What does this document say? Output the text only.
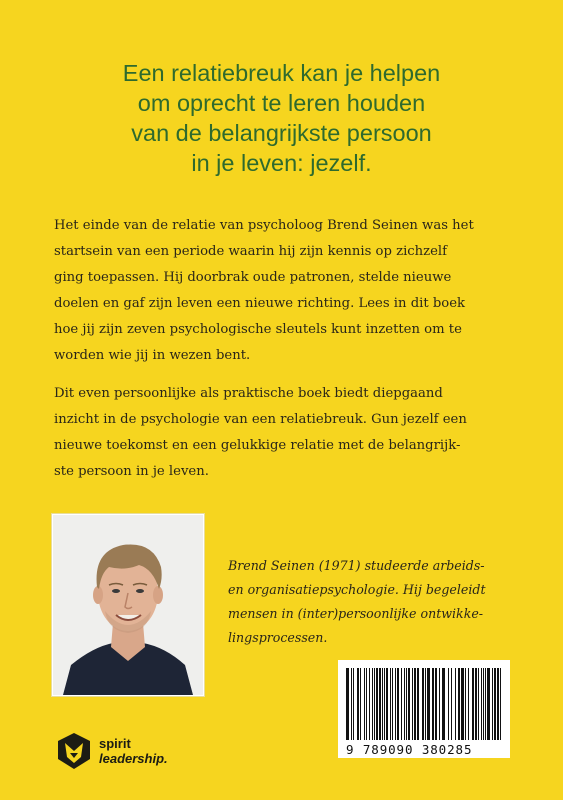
Een relatiebreuk kan je helpen
om oprecht te leren houden
van de belangrijkste persoon
in je leven: jezelf.
Het einde van de relatie van psycholoog Brend Seinen was het
startsein van een periode waarin hij zijn kennis op zichzelf
ging toepassen. Hij doorbrak oude patronen, stelde nieuwe
doelen en gaf zijn leven een nieuwe richting. Lees in dit boek
hoe jij zijn zeven psychologische sleutels kunt inzetten om te
worden wie jij in wezen bent.
Dit even persoonlijke als praktische boek biedt diepgaand
inzicht in de psychologie van een relatiebreuk. Gun jezelf een
nieuwe toekomst en een gelukkige relatie met de belangrijk-
ste persoon in je leven.
Brend Seinen (1971) studeerde arbeids-
en organisatiepsychologie. Hij begeleidt
mensen in (inter)persoonlijke ontwikke-
lingsprocessen.
9 789090 380285
spirit
leadership.
